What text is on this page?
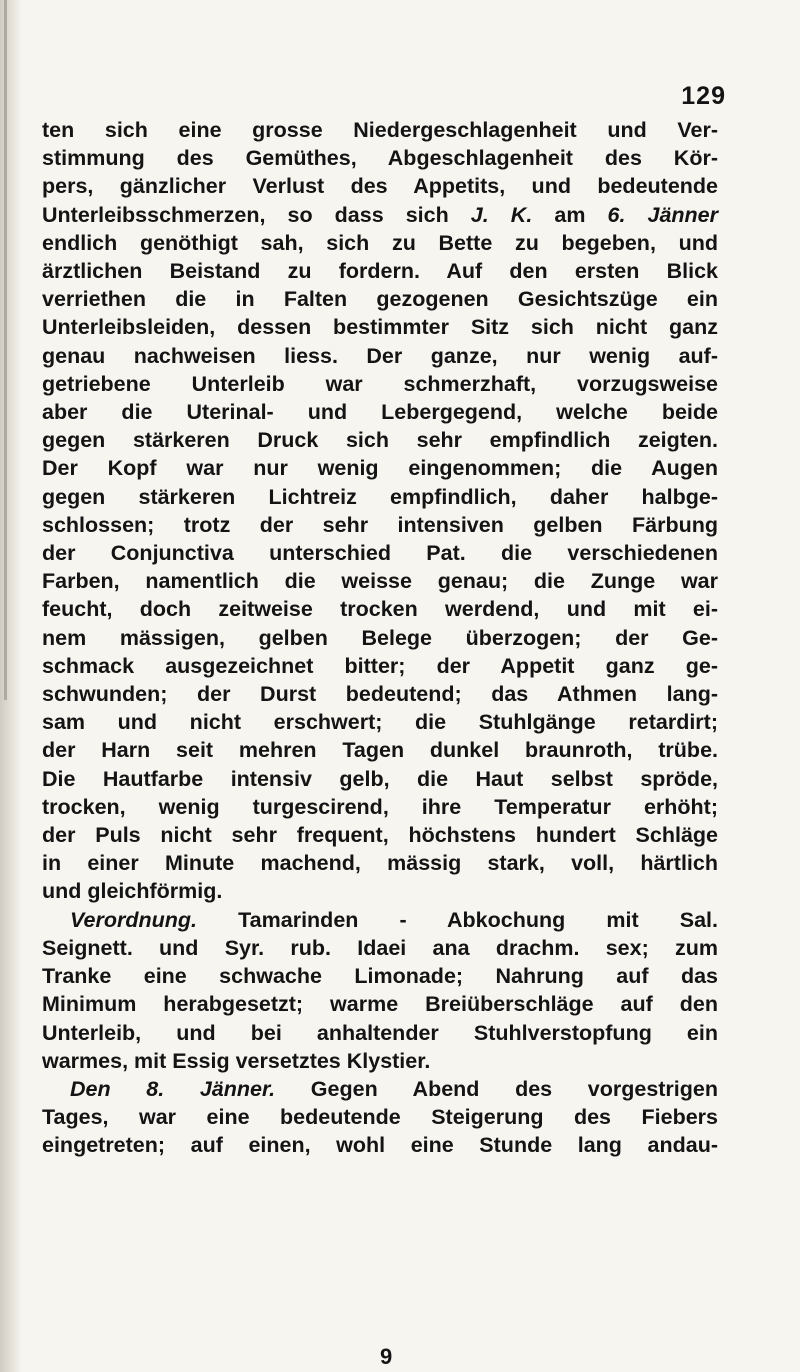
129
ten sich eine grosse Niedergeschlagenheit und Ver-
stimmung des Gemüthes, Abgeschlagenheit des Kör-
pers, gänzlicher Verlust des Appetits, und bedeutende
Unterleibsschmerzen, so dass sich J. K. am 6. Jänner
endlich genöthigt sah, sich zu Bette zu begeben, und
ärztlichen Beistand zu fordern. Auf den ersten Blick
verriethen die in Falten gezogenen Gesichtszüge ein
Unterleibsleiden, dessen bestimmter Sitz sich nicht ganz
genau nachweisen liess. Der ganze, nur wenig auf-
getriebene Unterleib war schmerzhaft, vorzugsweise
aber die Uterinal- und Lebergegend, welche beide
gegen stärkeren Druck sich sehr empfindlich zeigten.
Der Kopf war nur wenig eingenommen; die Augen
gegen stärkeren Lichtreiz empfindlich, daher halbge-
schlossen; trotz der sehr intensiven gelben Färbung
der Conjunctiva unterschied Pat. die verschiedenen
Farben, namentlich die weisse genau; die Zunge war
feucht, doch zeitweise trocken werdend, und mit ei-
nem mässigen, gelben Belege überzogen; der Ge-
schmack ausgezeichnet bitter; der Appetit ganz ge-
schwunden; der Durst bedeutend; das Athmen lang-
sam und nicht erschwert; die Stuhlgänge retardirt;
der Harn seit mehren Tagen dunkel braunroth, trübe.
Die Hautfarbe intensiv gelb, die Haut selbst spröde,
trocken, wenig turgescirend, ihre Temperatur erhöht;
der Puls nicht sehr frequent, höchstens hundert Schläge
in einer Minute machend, mässig stark, voll, härtlich
und gleichförmig.
Verordnung. Tamarinden - Abkochung mit Sal.
Seignett. und Syr. rub. Idaei ana drachm. sex; zum
Tranke eine schwache Limonade; Nahrung auf das
Minimum herabgesetzt; warme Breiüberschläge auf den
Unterleib, und bei anhaltender Stuhlverstopfung ein
warmes, mit Essig versetztes Klystier.
Den 8. Jänner. Gegen Abend des vorgestrigen
Tages, war eine bedeutende Steigerung des Fiebers
eingetreten; auf einen, wohl eine Stunde lang andau-
9
